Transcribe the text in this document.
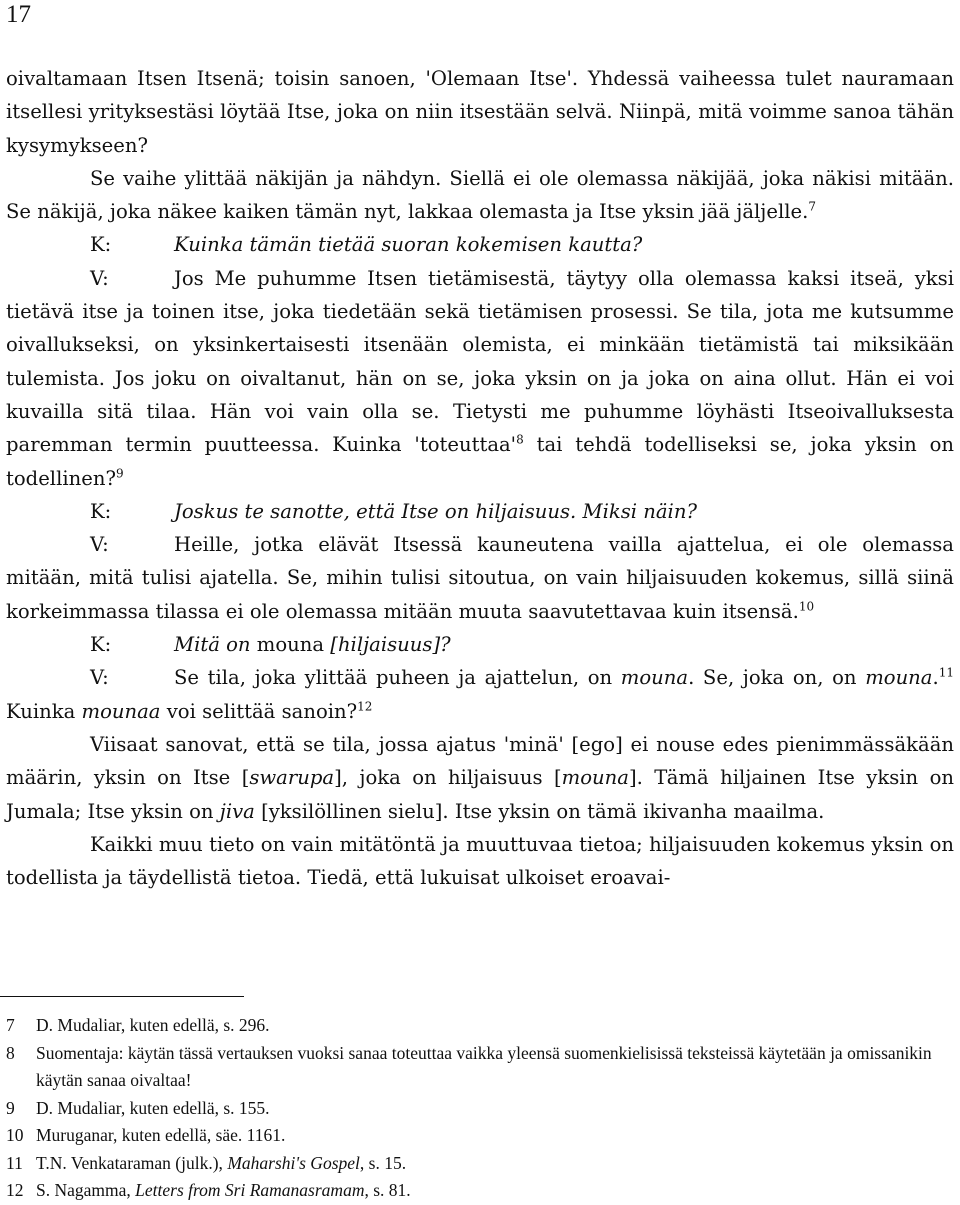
17

oivaltamaan Itsen Itsenä; toisin sanoen, 'Olemaan Itse'. Yhdessä vaiheessa tulet nauramaan itsellesi yrityksestäsi löytää Itse, joka on niin itsestään selvä. Niinpä, mitä voimme sanoa tähän kysymykseen?

Se vaihe ylittää näkijän ja nähdyn. Siellä ei ole olemassa näkijää, joka näkisi mitään. Se näkijä, joka näkee kaiken tämän nyt, lakkaa olemasta ja Itse yksin jää jäljelle.$^7$

K:	Kuinka tämän tietää suoran kokemisen kautta?

V:	Jos Me puhumme Itsen tietämisestä, täytyy olla olemassa kaksi itseä, yksi tietävä itse ja toinen itse, joka tiedetään sekä tietämisen prosessi. Se tila, jota me kutsumme oivallukseksi, on yksinkertaisesti itsenään olemista, ei minkään tietämistä tai miksikään tulemista. Jos joku on oivaltanut, hän on se, joka yksin on ja joka on aina ollut. Hän ei voi kuvailla sitä tilaa. Hän voi vain olla se. Tietysti me puhumme löyhästi Itseoivalluksesta paremman termin puutteessa. Kuinka '$toteuttaa'^8$ tai tehdä todelliseksi se, joka yksin on todellinen?$^9$

K:	Joskus te sanotte, että Itse on hiljaisuus. Miksi näin?

V:	Heille, jotka elävät Itsessä kauneutena vailla ajattelua, ei ole olemassa mitään, mitä tulisi ajatella. Se, mihin tulisi sitoutua, on vain hiljaisuuden kokemus, sillä siinä korkeimmassa tilassa ei ole olemassa mitään muuta saavutettavaa kuin itsensä.$^{10}$

K:	Mitä on mouna [hiljaisuus]?

V:	Se tila, joka ylittää puheen ja ajattelun, on mouna. Se, joka on, on mouna.$^{11}$ Kuinka mounaa voi selittää sanoin?$^{12}$

Viisaat sanovat, että se tila, jossa ajatus 'minä' [ego] ei nouse edes pienimmässäkään määrin, yksin on Itse [swarupa], joka on hiljaisuus [mouna]. Tämä hiljainen Itse yksin on Jumala; Itse yksin on jiva [yksilöllinen sielu]. Itse yksin on tämä ikivanha maailma.

Kaikki muu tieto on vain mitätöntä ja muuttuvaa tietoa; hiljaisuuden kokemus yksin on todellista ja täydellistä tietoa. Tiedä, että lukuisat ulkoiset eroavai-

7	D. Mudaliar, kuten edellä, s. 296.
8	Suomentaja: käytän tässä vertauksen vuoksi sanaa toteuttaa vaikka yleensä suomenkielisissä teksteissä käytetään ja omissanikin käytän sanaa oivaltaa!
9	D. Mudaliar, kuten edellä, s. 155.
10 Muruganar, kuten edellä, säe. 1161.
11 T.N. Venkataraman (julk.), Maharshi's Gospel, s. 15.
12 S. Nagamma, Letters from Sri Ramanasramam, s. 81.
